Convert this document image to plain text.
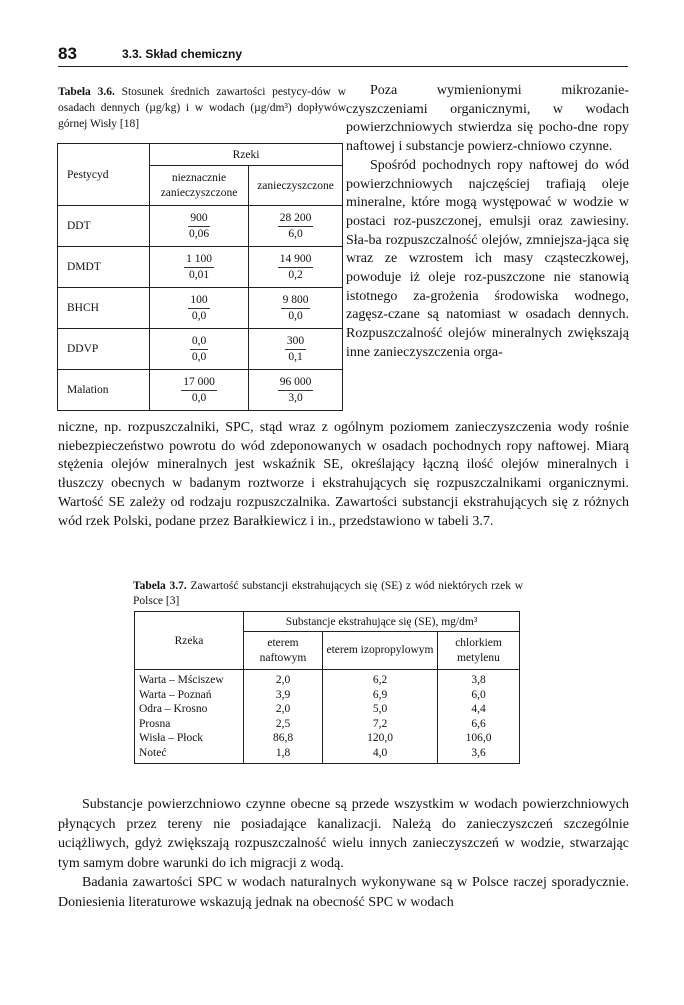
83	3.3. Skład chemiczny
Tabela 3.6. Stosunek średnich zawartości pestycy-dów w osadach dennych (µg/kg) i w wodach (µg/dm³) dopływów górnej Wisły [18]
Pestycyd	Rzeki	
	nieznacznie zanieczyszczone	zanieczyszczone
DDT	$\frac{900}{0,06}$	$\frac{28 200}{6,0}$

DMDT	$\frac{1 100}{0,01}$	$\frac{14 900}{0,2}$

BHCH	$\frac{100}{0,0}$	$\frac{9 800}{0,0}$

DDVP	$\frac{0,0}{0,0}$	$\frac{300}{0,1}$

Malation	$\frac{17 000}{0,0}$	$\frac{96 000}{3,0}$

Poza wymienionymi mikrozanie-czyszczeniami organicznymi, w wodach powierzchniowych stwierdza się pocho-dne ropy naftowej i substancje powierz-chniowo czynne.

Spośród pochodnych ropy naftowej do wód powierzchniowych najczęściej trafiają oleje mineralne, które mogą występować w wodzie w postaci roz-puszczonej, emulsji oraz zawiesiny. Sła-ba rozpuszczalność olejów, zmniejsza-jąca się wraz ze wzrostem ich masy cząsteczkowej, powoduje iż oleje roz-puszczone nie stanowią istotnego za-grożenia środowiska wodnego, zagęsz-czane są natomiast w osadach dennych. Rozpuszczalność olejów mineralnych zwiększają inne zanieczyszczenia orga-

niczne, np. rozpuszczalniki, SPC, stąd wraz z ogólnym poziomem zanieczyszczenia wody rośnie niebezpieczeństwo powrotu do wód zdeponowanych w osadach pochodnych ropy naftowej. Miarą stężenia olejów mineralnych jest wskaźnik SE, określający łączną ilość olejów mineralnych i tłuszczy obecnych w badanym roztworze i ekstrahujących się rozpuszczalnikami organicznymi. Wartość SE zależy od rodzaju rozpuszczalnika. Zawartości substancji ekstrahujących się z różnych wód rzek Polski, podane przez Barałkiewicz i in., przedstawiono w tabeli 3.7.

Tabela 3.7. Zawartość substancji ekstrahujących się (SE) z wód niektórych rzek w Polsce [3]
Rzeka	Substancje ekstrahujące się (SE), mg/dm³		
	eterem naftowym	eterem izopropylowym	chlorkiem metylenu
Warta – Mściszew	2,0	6,2	3,8
Warta – Poznań	3,9	6,9	6,0
Odra – Krosno	2,0	5,0	4,4
Prosna	2,5	7,2	6,6
Wisła – Płock	86,8	120,0	106,0
Noteć	1,8	4,0	3,6

Substancje powierzchniowo czynne obecne są przede wszystkim w wodach powierzchniowych płynących przez tereny nie posiadające kanalizacji. Należą do zanieczyszczeń szczególnie uciążliwych, gdyż zwiększają rozpuszczalność wielu innych zanieczyszczeń w wodzie, stwarzając tym samym dobre warunki do ich migracji z wodą.

Badania zawartości SPC w wodach naturalnych wykonywane są w Polsce raczej sporadycznie. Doniesienia literaturowe wskazują jednak na obecność SPC w wodach
